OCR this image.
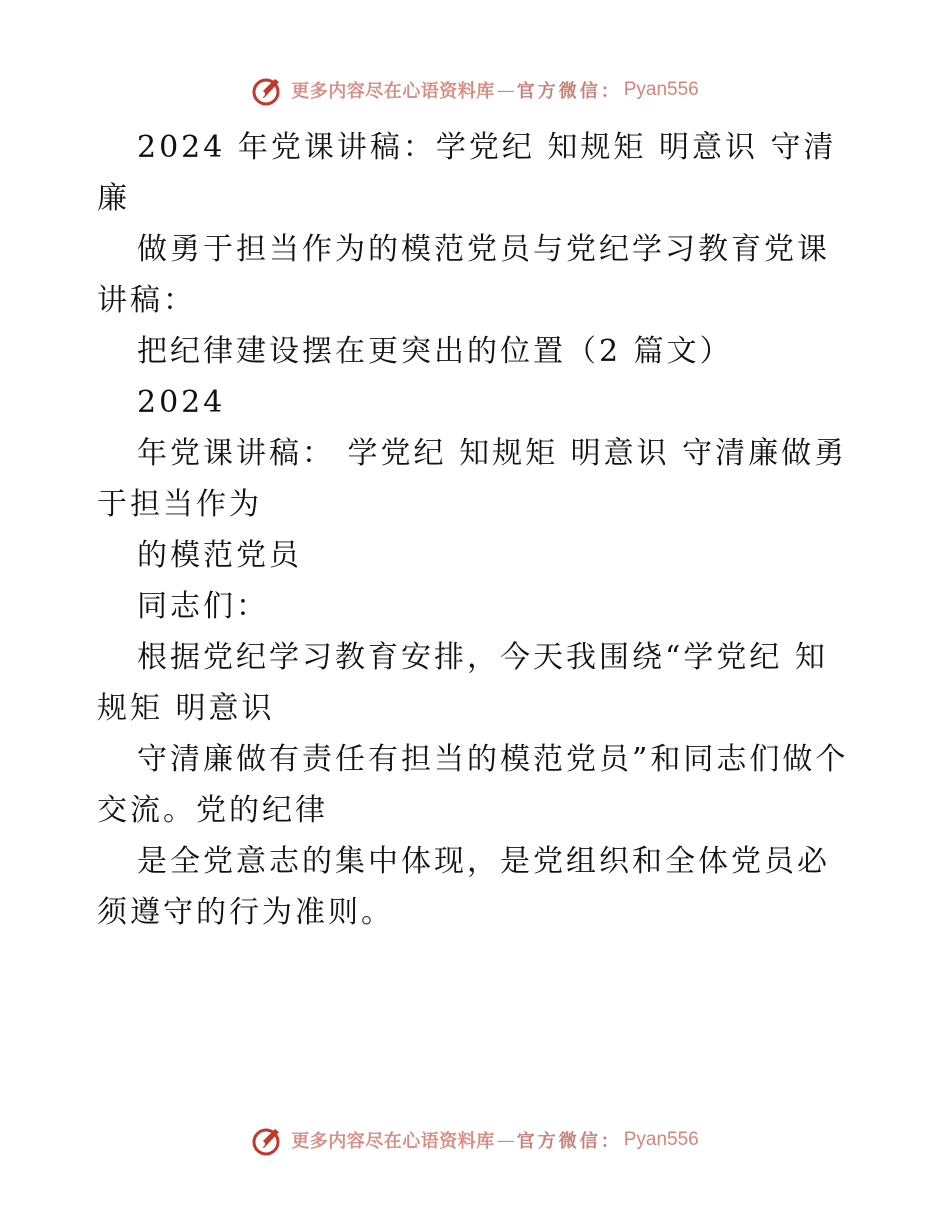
更多内容尽在心语资料库 — 官方微信： Pyan556

2024 年党课讲稿：学党纪 知规矩 明意识 守清廉

做勇于担当作为的模范党员与党纪学习教育党课讲稿：

把纪律建设摆在更突出的位置（2 篇文）

2024

年党课讲稿： 学党纪 知规矩 明意识 守清廉做勇于担当作为

的模范党员

同志们：

根据党纪学习教育安排，今天我围绕“学党纪 知规矩 明意识

守清廉做有责任有担当的模范党员”和同志们做个交流。党的纪律

是全党意志的集中体现，是党组织和全体党员必须遵守的行为准则。

更多内容尽在心语资料库 — 官方微信： Pyan556
